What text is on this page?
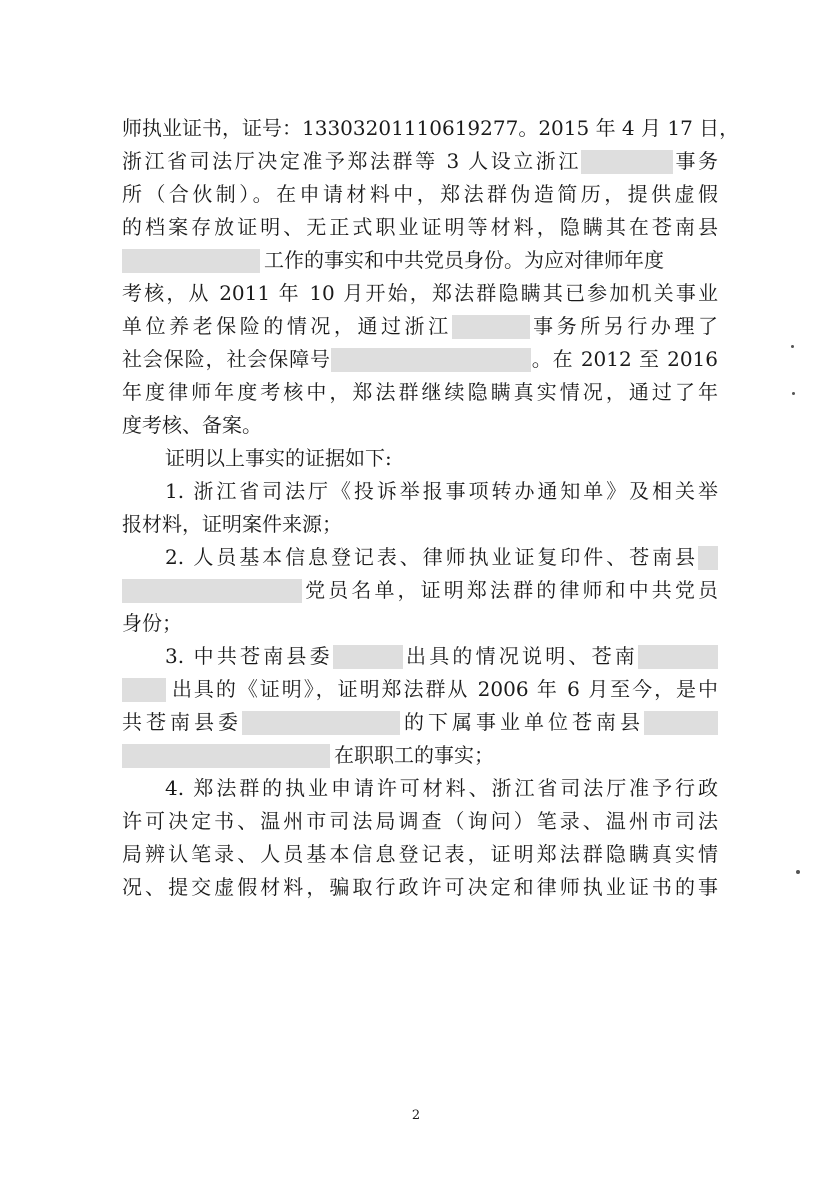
师执业证书，证号：13303201110619277。2015 年 4 月 17 日，
浙江省司法厅决定准予郑法群等 3 人设立浙江	事务
所（合伙制）。在申请材料中，郑法群伪造简历，提供虚假
的档案存放证明、无正式职业证明等材料，隐瞒其在苍南县
工作的事实和中共党员身份。为应对律师年度
考核，从 2011 年 10 月开始，郑法群隐瞒其已参加机关事业
单位养老保险的情况，通过浙江	事务所另行办理了
社会保险，社会保障号	。在 2012 至 2016
年度律师年度考核中，郑法群继续隐瞒真实情况，通过了年
度考核、备案。
证明以上事实的证据如下:
1. 浙江省司法厅《投诉举报事项转办通知单》及相关举
报材料，证明案件来源；
2. 人员基本信息登记表、律师执业证复印件、苍南县
党员名单，证明郑法群的律师和中共党员
身份；
3. 中共苍南县委	出具的情况说明、苍南
出具的《证明》，证明郑法群从 2006 年 6 月至今，是中
共苍南县委	的下属事业单位苍南县
在职职工的事实；
4. 郑法群的执业申请许可材料、浙江省司法厅准予行政
许可决定书、温州市司法局调查（询问）笔录、温州市司法
局辨认笔录、人员基本信息登记表，证明郑法群隐瞒真实情
况、提交虚假材料，骗取行政许可决定和律师执业证书的事
2
